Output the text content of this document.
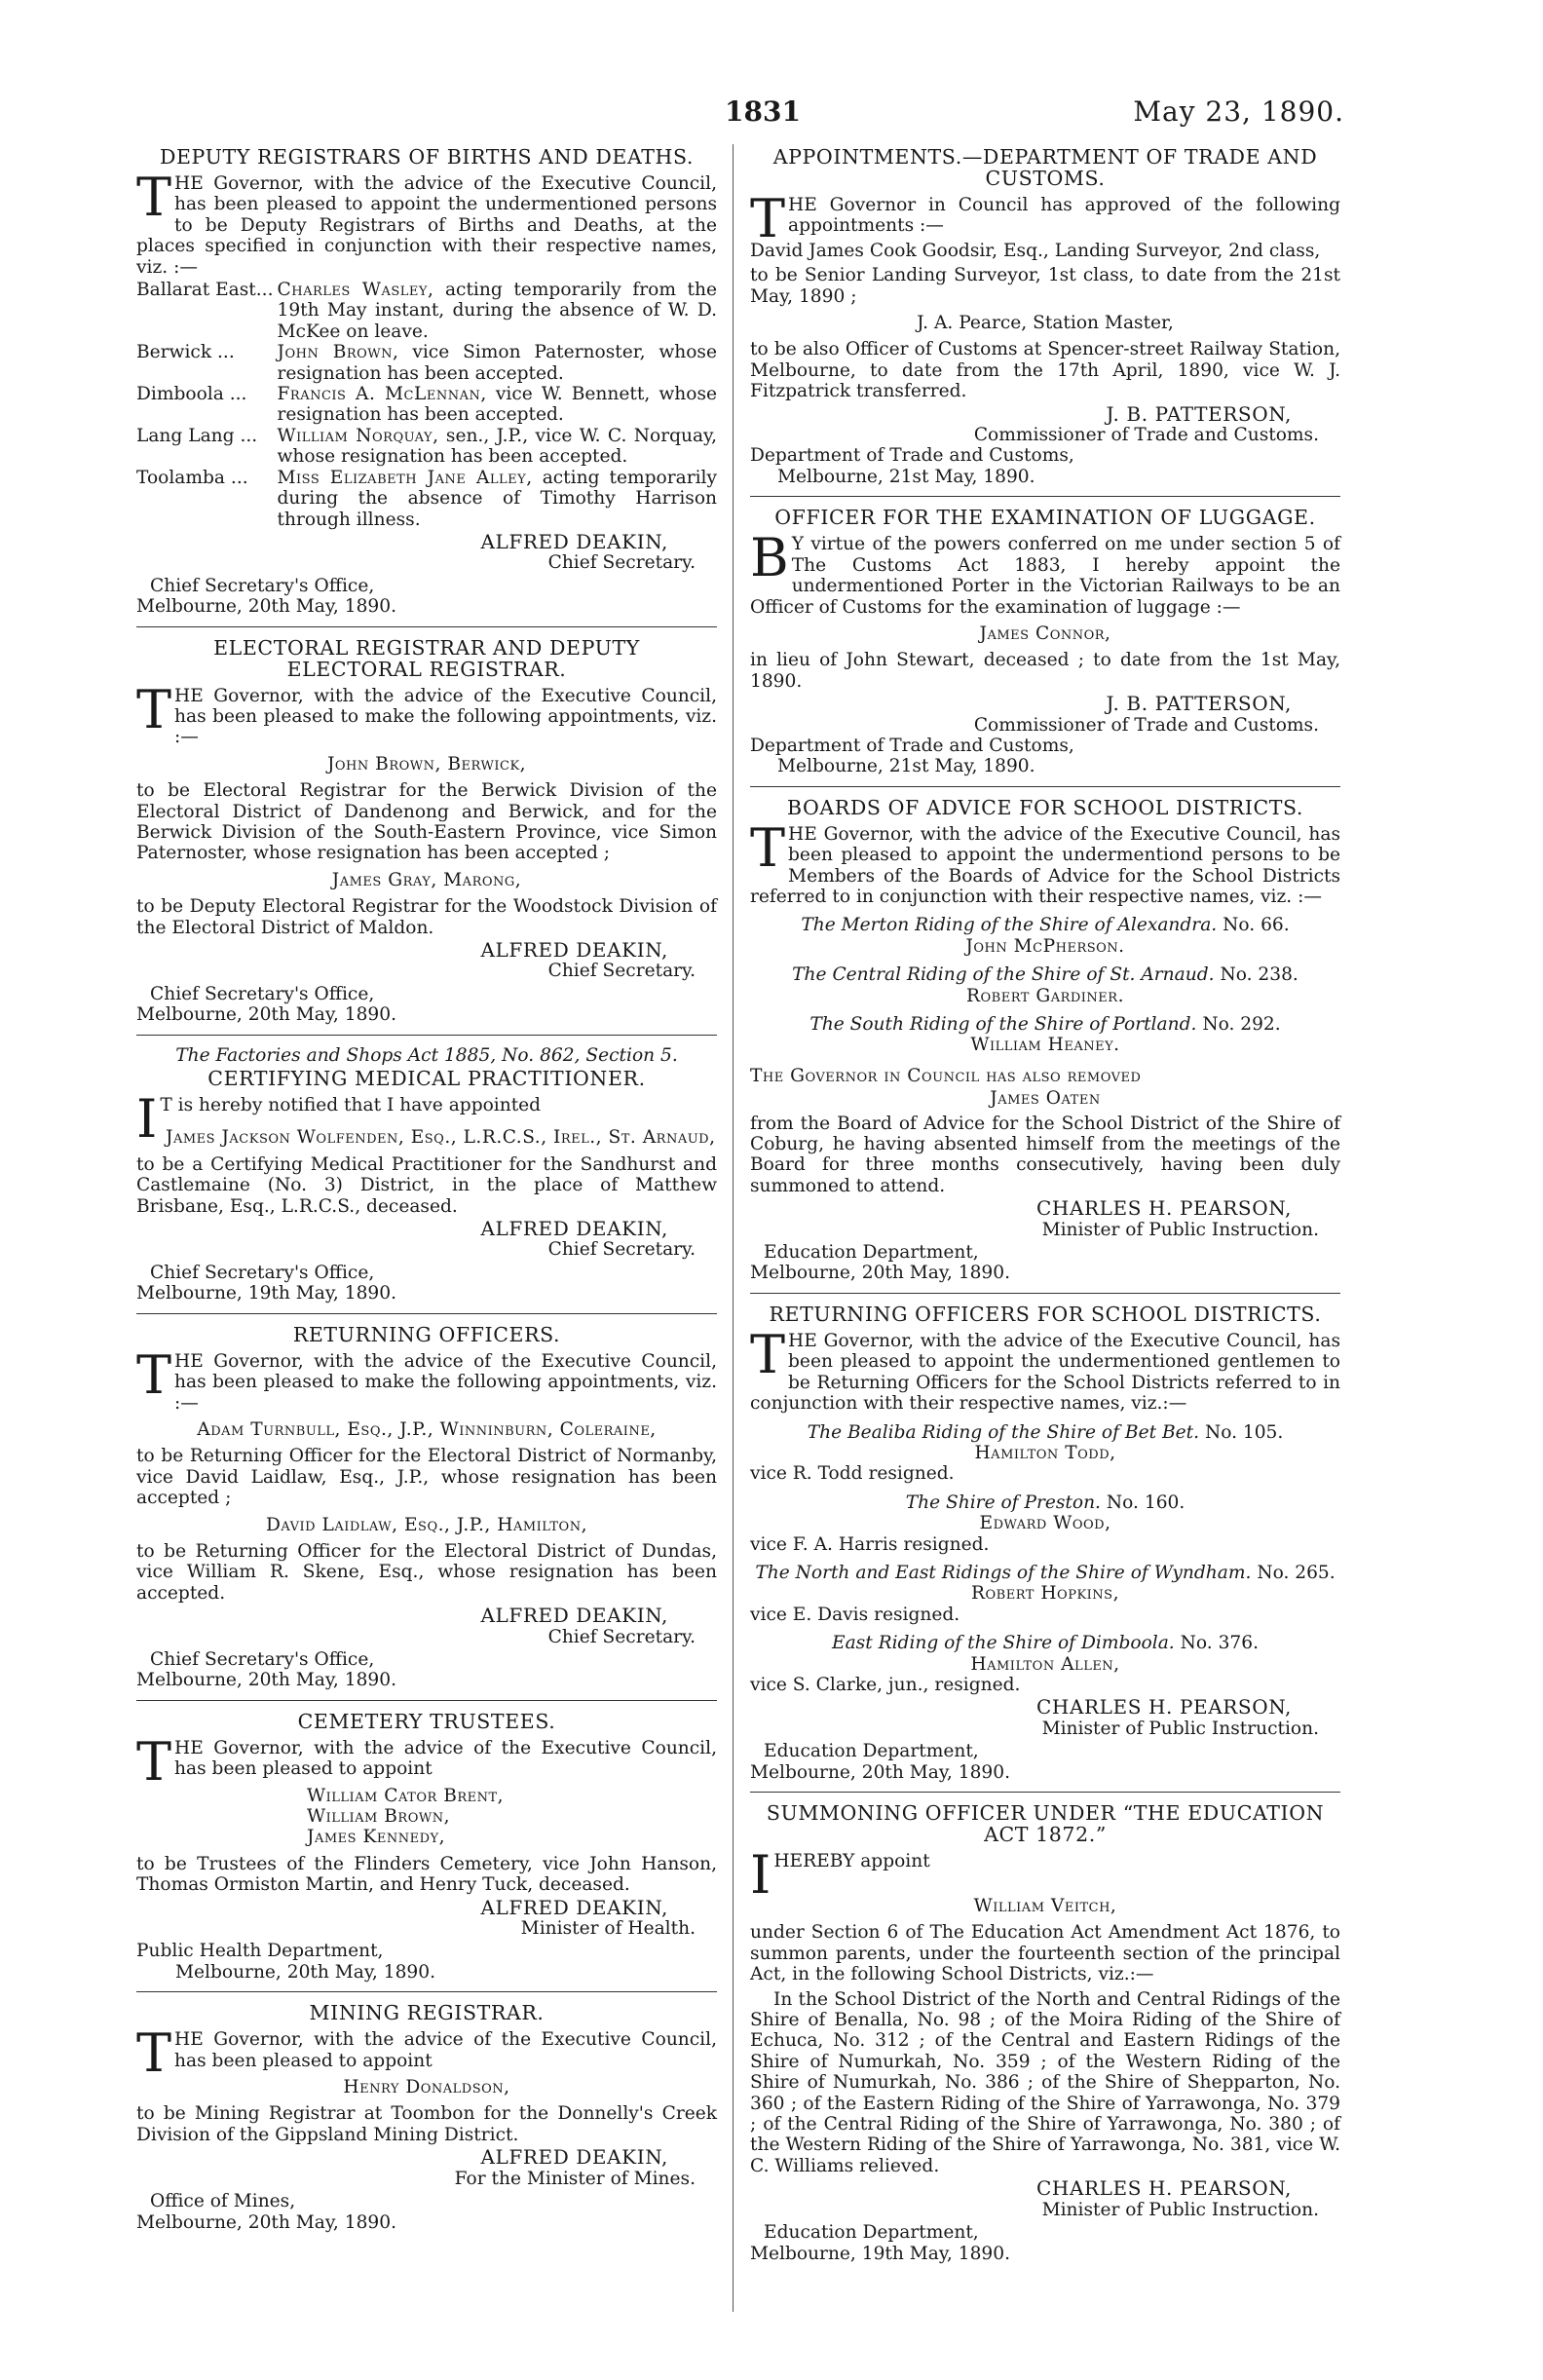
1831	May 23, 1890.
DEPUTY REGISTRARS OF BIRTHS AND DEATHS.

THE Governor, with the advice of the Executive Council, has been pleased to appoint the undermentioned persons to be Deputy Registrars of Births and Deaths, at the places specified in conjunction with their respective names, viz. :—

Ballarat East...	Charles Wasley, acting temporarily from the 19th May instant, during the absence of W. D. McKee on leave.
Berwick ...	John Brown, vice Simon Paternoster, whose resignation has been accepted.
Dimboola ...	Francis A. McLennan, vice W. Bennett, whose resignation has been accepted.
Lang Lang ...	William Norquay, sen., J.P., vice W. C. Norquay, whose resignation has been accepted.
Toolamba ...	Miss Elizabeth Jane Alley, acting temporarily during the absence of Timothy Harrison through illness.
ALFRED DEAKIN,
Chief Secretary.
Chief Secretary's Office,
Melbourne, 20th May, 1890.
ELECTORAL REGISTRAR AND DEPUTY
ELECTORAL REGISTRAR.

THE Governor, with the advice of the Executive Council, has been pleased to make the following appointments, viz. :—

John Brown, Berwick,

to be Electoral Registrar for the Berwick Division of the Electoral District of Dandenong and Berwick, and for the Berwick Division of the South-Eastern Province, vice Simon Paternoster, whose resignation has been accepted ;

James Gray, Marong,

to be Deputy Electoral Registrar for the Woodstock Division of the Electoral District of Maldon.

ALFRED DEAKIN,
Chief Secretary.
Chief Secretary's Office,
Melbourne, 20th May, 1890.
The Factories and Shops Act 1885, No. 862, Section 5.
CERTIFYING MEDICAL PRACTITIONER.

I T is hereby notified that I have appointed

James Jackson Wolfenden, Esq., L.R.C.S., Irel., St. Arnaud,

to be a Certifying Medical Practitioner for the Sandhurst and Castlemaine (No. 3) District, in the place of Matthew Brisbane, Esq., L.R.C.S., deceased.

ALFRED DEAKIN,
Chief Secretary.
Chief Secretary's Office,
Melbourne, 19th May, 1890.
RETURNING OFFICERS.

THE Governor, with the advice of the Executive Council, has been pleased to make the following appointments, viz. :—

Adam Turnbull, Esq., J.P., Winninburn, Coleraine,

to be Returning Officer for the Electoral District of Normanby, vice David Laidlaw, Esq., J.P., whose resignation has been accepted ;

David Laidlaw, Esq., J.P., Hamilton,

to be Returning Officer for the Electoral District of Dundas, vice William R. Skene, Esq., whose resignation has been accepted.

ALFRED DEAKIN,
Chief Secretary.
Chief Secretary's Office,
Melbourne, 20th May, 1890.
CEMETERY TRUSTEES.

THE Governor, with the advice of the Executive Council, has been pleased to appoint

William Cator Brent,
William Brown,
James Kennedy,

to be Trustees of the Flinders Cemetery, vice John Hanson, Thomas Ormiston Martin, and Henry Tuck, deceased.

ALFRED DEAKIN,
Minister of Health.
Public Health Department,
Melbourne, 20th May, 1890.
MINING REGISTRAR.

THE Governor, with the advice of the Executive Council, has been pleased to appoint

Henry Donaldson,

to be Mining Registrar at Toombon for the Donnelly's Creek Division of the Gippsland Mining District.

ALFRED DEAKIN,
For the Minister of Mines.
Office of Mines,
Melbourne, 20th May, 1890.
APPOINTMENTS.—DEPARTMENT OF TRADE AND
CUSTOMS.

THE Governor in Council has approved of the following appointments :—

David James Cook Goodsir, Esq., Landing Surveyor, 2nd class,

to be Senior Landing Surveyor, 1st class, to date from the 21st May, 1890 ;

J. A. Pearce, Station Master,

to be also Officer of Customs at Spencer-street Railway Station, Melbourne, to date from the 17th April, 1890, vice W. J. Fitzpatrick transferred.

J. B. PATTERSON,
Commissioner of Trade and Customs.
Department of Trade and Customs,
Melbourne, 21st May, 1890.
OFFICER FOR THE EXAMINATION OF LUGGAGE.

B Y virtue of the powers conferred on me under section 5 of The Customs Act 1883, I hereby appoint the undermentioned Porter in the Victorian Railways to be an Officer of Customs for the examination of luggage :—

James Connor,

in lieu of John Stewart, deceased ; to date from the 1st May, 1890.

J. B. PATTERSON,
Commissioner of Trade and Customs.
Department of Trade and Customs,
Melbourne, 21st May, 1890.
BOARDS OF ADVICE FOR SCHOOL DISTRICTS.

THE Governor, with the advice of the Executive Council, has been pleased to appoint the undermentiond persons to be Members of the Boards of Advice for the School Districts referred to in conjunction with their respective names, viz. :—

The Merton Riding of the Shire of Alexandra. No. 66.
John McPherson.
The Central Riding of the Shire of St. Arnaud. No. 238.
Robert Gardiner.
The South Riding of the Shire of Portland. No. 292.
William Heaney.

The Governor in Council has also removed

James Oaten

from the Board of Advice for the School District of the Shire of Coburg, he having absented himself from the meetings of the Board for three months consecutively, having been duly summoned to attend.

CHARLES H. PEARSON,
Minister of Public Instruction.
Education Department,
Melbourne, 20th May, 1890.
RETURNING OFFICERS FOR SCHOOL DISTRICTS.

THE Governor, with the advice of the Executive Council, has been pleased to appoint the undermentioned gentlemen to be Returning Officers for the School Districts referred to in conjunction with their respective names, viz.:—

The Bealiba Riding of the Shire of Bet Bet. No. 105.
Hamilton Todd,
vice R. Todd resigned.
The Shire of Preston. No. 160.
Edward Wood,
vice F. A. Harris resigned.
The North and East Ridings of the Shire of Wyndham. No. 265.
Robert Hopkins,
vice E. Davis resigned.
East Riding of the Shire of Dimboola. No. 376.
Hamilton Allen,
vice S. Clarke, jun., resigned.
CHARLES H. PEARSON,
Minister of Public Instruction.
Education Department,
Melbourne, 20th May, 1890.
SUMMONING OFFICER UNDER “THE EDUCATION
ACT 1872.”

IHEREBY appoint

William Veitch,

under Section 6 of The Education Act Amendment Act 1876, to summon parents, under the fourteenth section of the principal Act, in the following School Districts, viz.:—

In the School District of the North and Central Ridings of the Shire of Benalla, No. 98 ; of the Moira Riding of the Shire of Echuca, No. 312 ; of the Central and Eastern Ridings of the Shire of Numurkah, No. 359 ; of the Western Riding of the Shire of Numurkah, No. 386 ; of the Shire of Shepparton, No. 360 ; of the Eastern Riding of the Shire of Yarrawonga, No. 379 ; of the Central Riding of the Shire of Yarrawonga, No. 380 ; of the Western Riding of the Shire of Yarrawonga, No. 381, vice W. C. Williams relieved.

CHARLES H. PEARSON,
Minister of Public Instruction.
Education Department,
Melbourne, 19th May, 1890.
